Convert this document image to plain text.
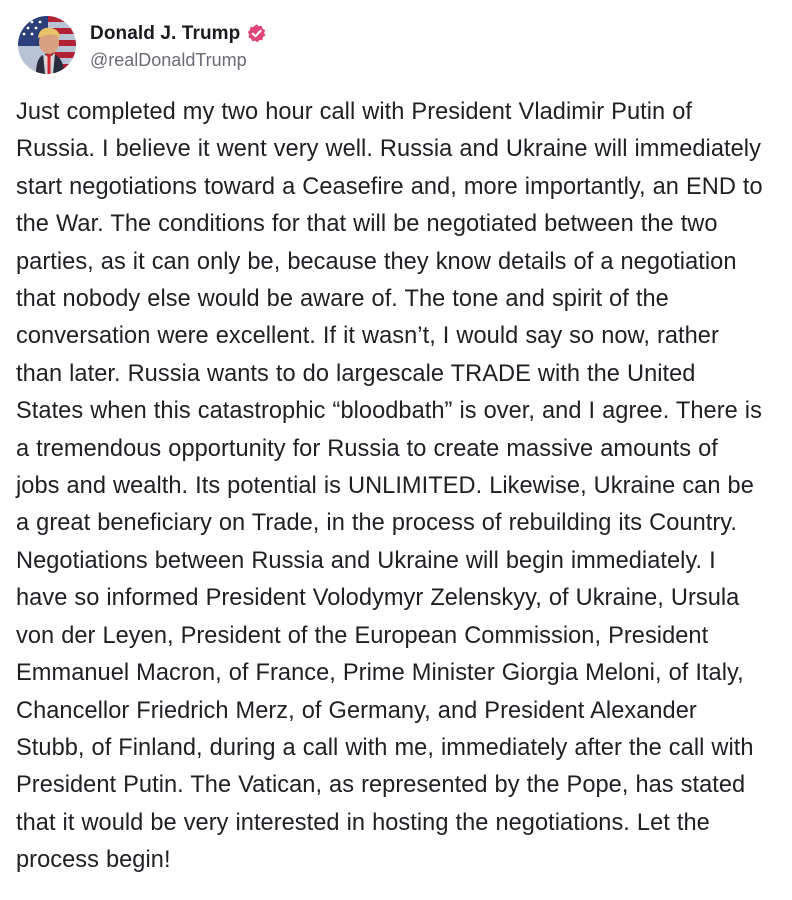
Donald J. Trump
@realDonaldTrump
Just completed my two hour call with President Vladimir Putin of Russia. I believe it went very well. Russia and Ukraine will immediately start negotiations toward a Ceasefire and, more importantly, an END to the War. The conditions for that will be negotiated between the two parties, as it can only be, because they know details of a negotiation that nobody else would be aware of. The tone and spirit of the conversation were excellent. If it wasn’t, I would say so now, rather than later. Russia wants to do largescale TRADE with the United States when this catastrophic “bloodbath” is over, and I agree. There is a tremendous opportunity for Russia to create massive amounts of jobs and wealth. Its potential is UNLIMITED. Likewise, Ukraine can be a great beneficiary on Trade, in the process of rebuilding its Country. Negotiations between Russia and Ukraine will begin immediately. I have so informed President Volodymyr Zelenskyy, of Ukraine, Ursula von der Leyen, President of the European Commission, President Emmanuel Macron, of France, Prime Minister Giorgia Meloni, of Italy, Chancellor Friedrich Merz, of Germany, and President Alexander Stubb, of Finland, during a call with me, immediately after the call with President Putin. The Vatican, as represented by the Pope, has stated that it would be very interested in hosting the negotiations. Let the process begin!
